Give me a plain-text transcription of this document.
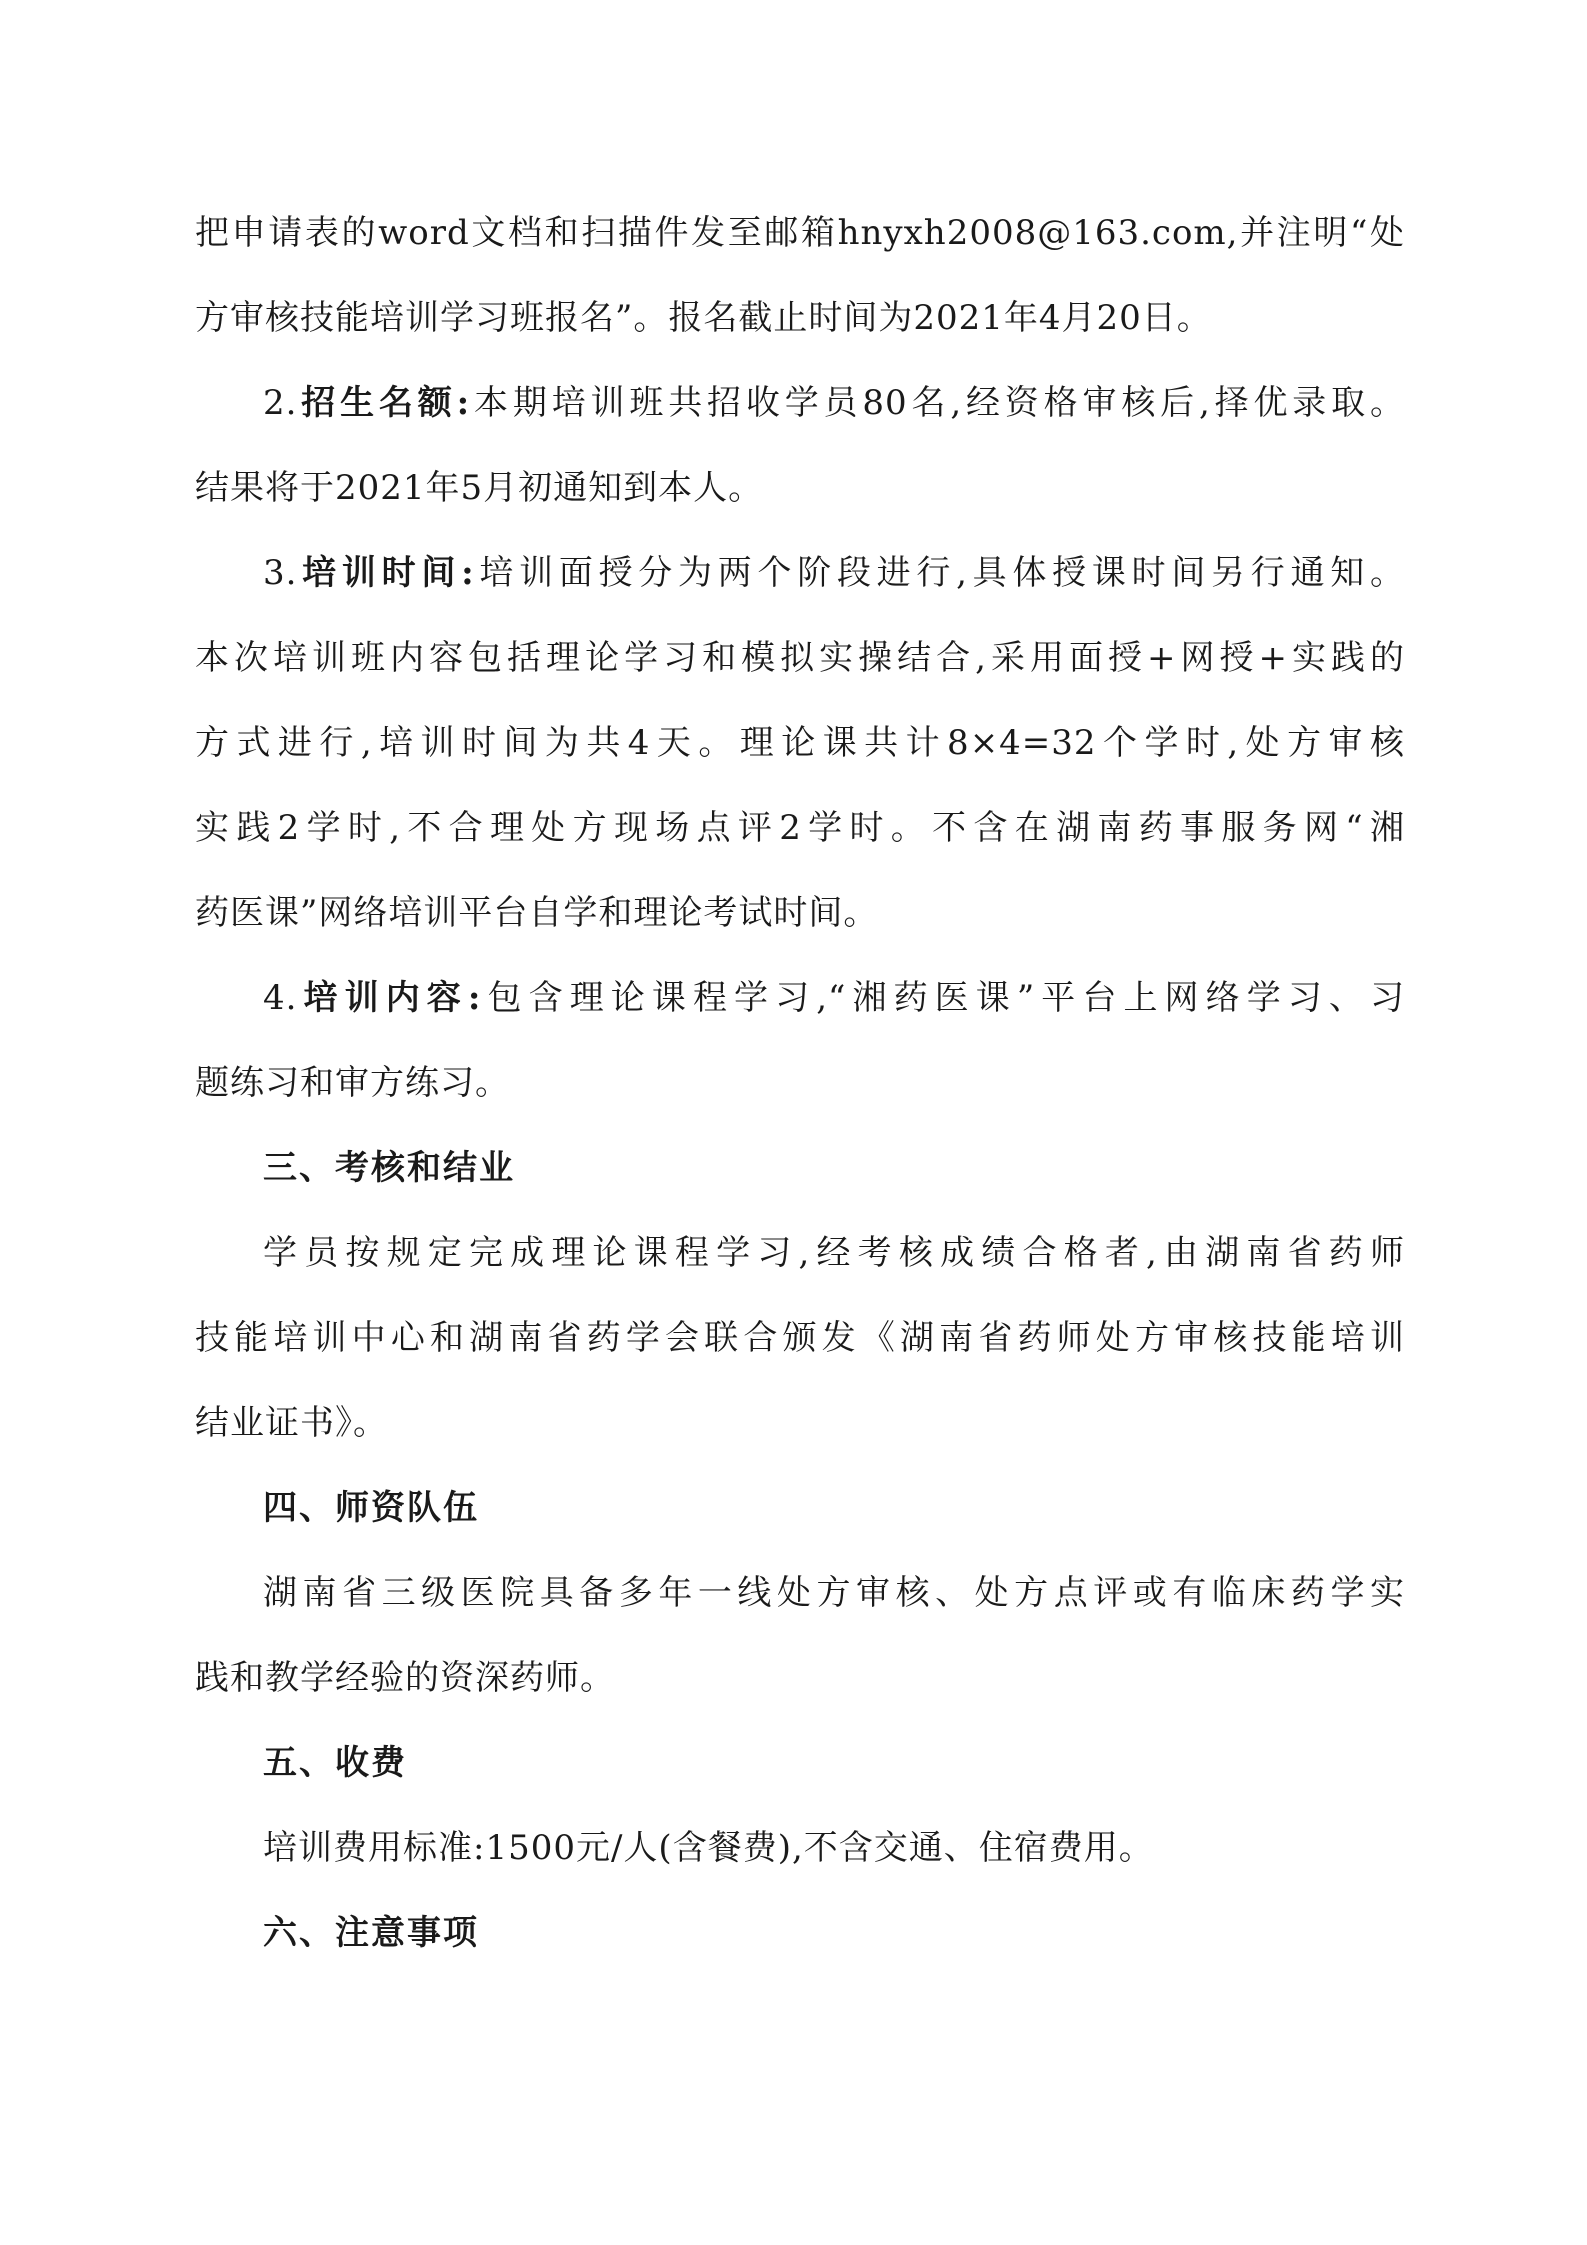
把申请表的word文档和扫描件发至邮箱hnyxh2008@163.com,并注明“处
方审核技能培训学习班报名”。报名截止时间为2021年4月20日。
2.招生名额:本期培训班共招收学员80名,经资格审核后,择优录取。
结果将于2021年5月初通知到本人。
3.培训时间:培训面授分为两个阶段进行,具体授课时间另行通知。
本次培训班内容包括理论学习和模拟实操结合,采用面授+网授+实践的
方式进行,培训时间为共4天。理论课共计8×4=32个学时,处方审核
实践2学时,不合理处方现场点评2学时。不含在湖南药事服务网“湘
药医课”网络培训平台自学和理论考试时间。
4.培训内容:包含理论课程学习,“湘药医课”平台上网络学习、习
题练习和审方练习。
三、考核和结业
学员按规定完成理论课程学习,经考核成绩合格者,由湖南省药师
技能培训中心和湖南省药学会联合颁发《湖南省药师处方审核技能培训
结业证书》。
四、师资队伍
湖南省三级医院具备多年一线处方审核、处方点评或有临床药学实
践和教学经验的资深药师。
五、收费
培训费用标准:1500元/人(含餐费),不含交通、住宿费用。
六、注意事项
